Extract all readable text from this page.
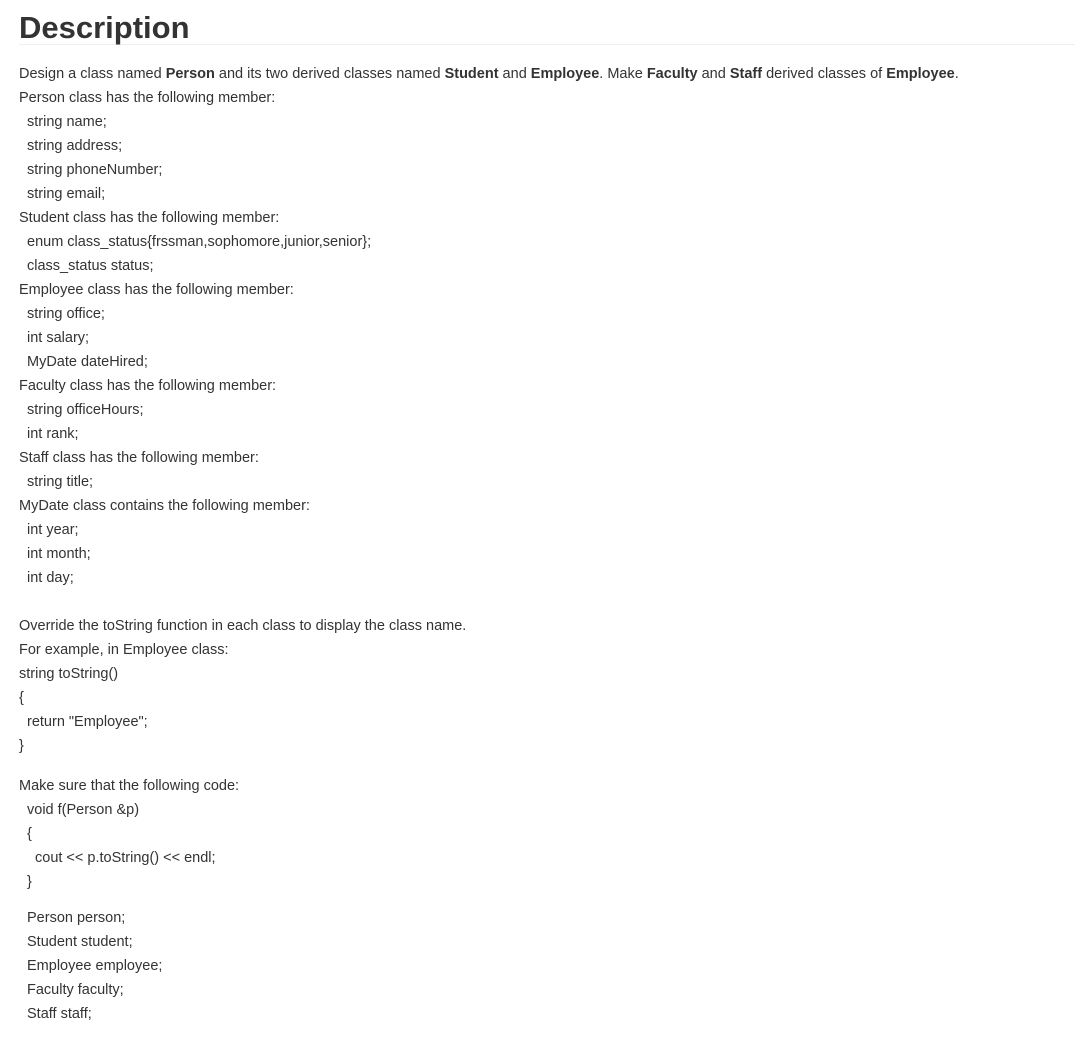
Description
Design a class named Person and its two derived classes named Student and Employee. Make Faculty and Staff derived classes of Employee.
Person class has the following member:
string name;
string address;
string phoneNumber;
string email;
Student class has the following member:
enum class_status{frssman,sophomore,junior,senior};
class_status status;
Employee class has the following member:
string office;
int salary;
MyDate dateHired;
Faculty class has the following member:
string officeHours;
int rank;
Staff class has the following member:
string title;
MyDate class contains the following member:
int year;
int month;
int day;
Override the toString function in each class to display the class name.
For example, in Employee class:
string toString()
{
return "Employee";
}
Make sure that the following code:
void f(Person &p)
{
cout << p.toString() << endl;
}
Person person;
Student student;
Employee employee;
Faculty faculty;
Staff staff;
